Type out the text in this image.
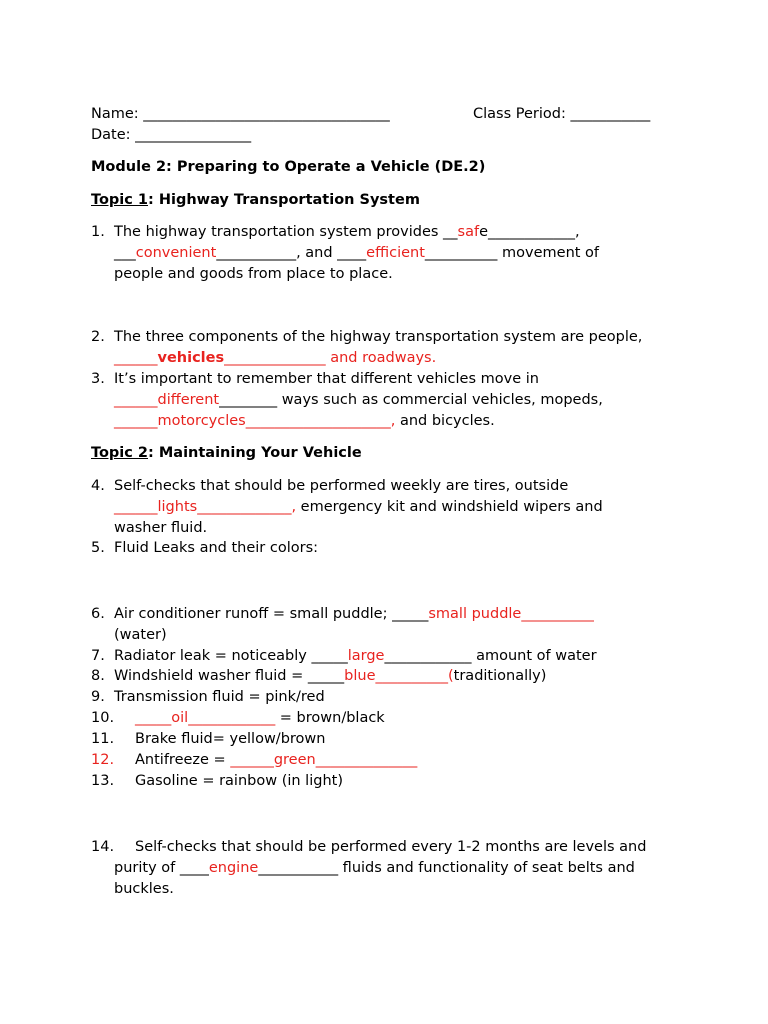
Name: __________________________________	Class Period: ___________
Date: ________________
Module 2: Preparing to Operate a Vehicle (DE.2)
Topic 1: Highway Transportation System
1. The highway transportation system provides __safe____________,
___convenient___________, and ____efficient__________ movement of
people and goods from place to place.
2. The three components of the highway transportation system are people,
______vehicles______________ and roadways.
3. It’s important to remember that different vehicles move in
______different________ ways such as commercial vehicles, mopeds,
______motorcycles____________________, and bicycles.
Topic 2: Maintaining Your Vehicle
4. Self-checks that should be performed weekly are tires, outside
______lights_____________, emergency kit and windshield wipers and
washer fluid.
5. Fluid Leaks and their colors:
6. Air conditioner runoff = small puddle; _____small puddle__________
(water)
7. Radiator leak = noticeably _____large____________ amount of water
8. Windshield washer fluid = _____blue__________(traditionally)
9. Transmission fluid = pink/red
10. _____oil____________ = brown/black
11. Brake fluid= yellow/brown
12. Antifreeze = ______green______________
13. Gasoline = rainbow (in light)
14. Self-checks that should be performed every 1-2 months are levels and
purity of ____engine___________ fluids and functionality of seat belts and
buckles.
